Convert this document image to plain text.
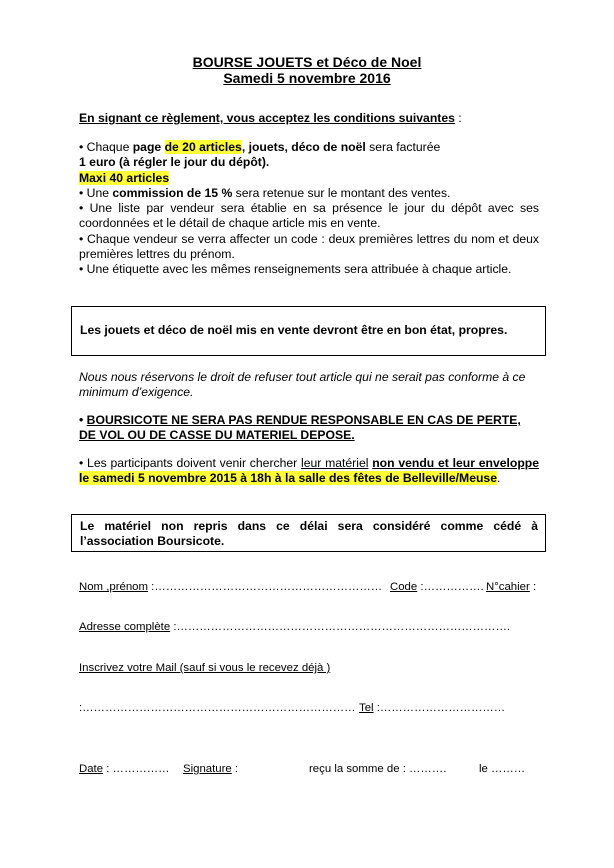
BOURSE JOUETS et Déco de Noel
Samedi 5 novembre 2016
En signant ce règlement, vous acceptez les conditions suivantes :
• Chaque page de 20 articles, jouets, déco de noël sera facturée
1 euro (à régler le jour du dépôt).
Maxi 40 articles
• Une commission de 15 % sera retenue sur le montant des ventes.
• Une liste par vendeur sera établie en sa présence le jour du dépôt avec ses coordonnées et le détail de chaque article mis en vente.
• Chaque vendeur se verra affecter un code : deux premières lettres du nom et deux premières lettres du prénom.
• Une étiquette avec les mêmes renseignements sera attribuée à chaque article.
Les jouets et déco de noël mis en vente devront être en bon état, propres.
Nous nous réservons le droit de refuser tout article qui ne serait pas conforme à ce minimum d’exigence.
• BOURSICOTE NE SERA PAS RENDUE RESPONSABLE EN CAS DE PERTE, DE VOL OU DE CASSE DU MATERIEL DEPOSE.
• Les participants doivent venir chercher leur matériel non vendu et leur enveloppe le samedi 5 novembre 2015 à 18h à la salle des fêtes de Belleville/Meuse.
Le matériel non repris dans ce délai sera considéré comme cédé à l’association Boursicote.
Nom ,prénom :…………………………………………………… Code :……………. N°cahier :
Adresse complète :…………………………………………………………………………….
Inscrivez votre Mail (sauf si vous le recevez déjà )
:……………………………………………………………… Tel :……………………………
Date : …………… Signature :	reçu la somme de : ……….	le ………
